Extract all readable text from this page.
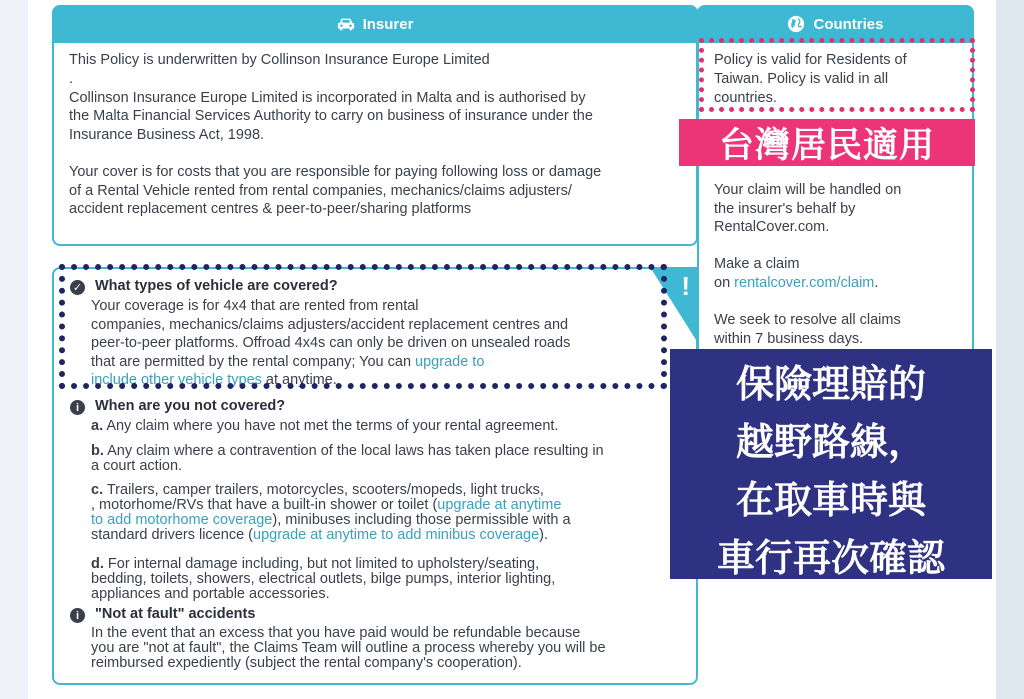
Insurer
This Policy is underwritten by Collinson Insurance Europe Limited
.
Collinson Insurance Europe Limited is incorporated in Malta and is authorised by
the Malta Financial Services Authority to carry on business of insurance under the
Insurance Business Act, 1998.
Your cover is for costs that you are responsible for paying following loss or damage
of a Rental Vehicle rented from rental companies, mechanics/claims adjusters/
accident replacement centres & peer-to-peer/sharing platforms
Countries
Policy is valid for Residents of
Taiwan. Policy is valid in all
countries.
Your claim will be handled on
the insurer's behalf by
RentalCover.com.
Make a claim
on rentalcover.com/claim.
We seek to resolve all claims
within 7 business days.
!
✓ What types of vehicle are covered?
Your coverage is for 4x4 that are rented from rental
companies, mechanics/claims adjusters/accident replacement centres and
peer-to-peer platforms. Offroad 4x4s can only be driven on unsealed roads
that are permitted by the rental company; You can upgrade to
include other vehicle types at anytime.
i	When are you not covered?
a. Any claim where you have not met the terms of your rental agreement.
b. Any claim where a contravention of the local laws has taken place resulting in
a court action.
c. Trailers, camper trailers, motorcycles, scooters/mopeds, light trucks,
, motorhome/RVs that have a built-in shower or toilet (upgrade at anytime
to add motorhome coverage), minibuses including those permissible with a
standard drivers licence (upgrade at anytime to add minibus coverage).
d. For internal damage including, but not limited to upholstery/seating,
bedding, toilets, showers, electrical outlets, bilge pumps, interior lighting,
appliances and portable accessories.
i	"Not at fault" accidents
In the event that an excess that you have paid would be refundable because
you are "not at fault", the Claims Team will outline a process whereby you will be
reimbursed expediently (subject the rental company's cooperation).
台灣居民適用
保險理賠的
越野路線，
在取車時與
車行再次確認
